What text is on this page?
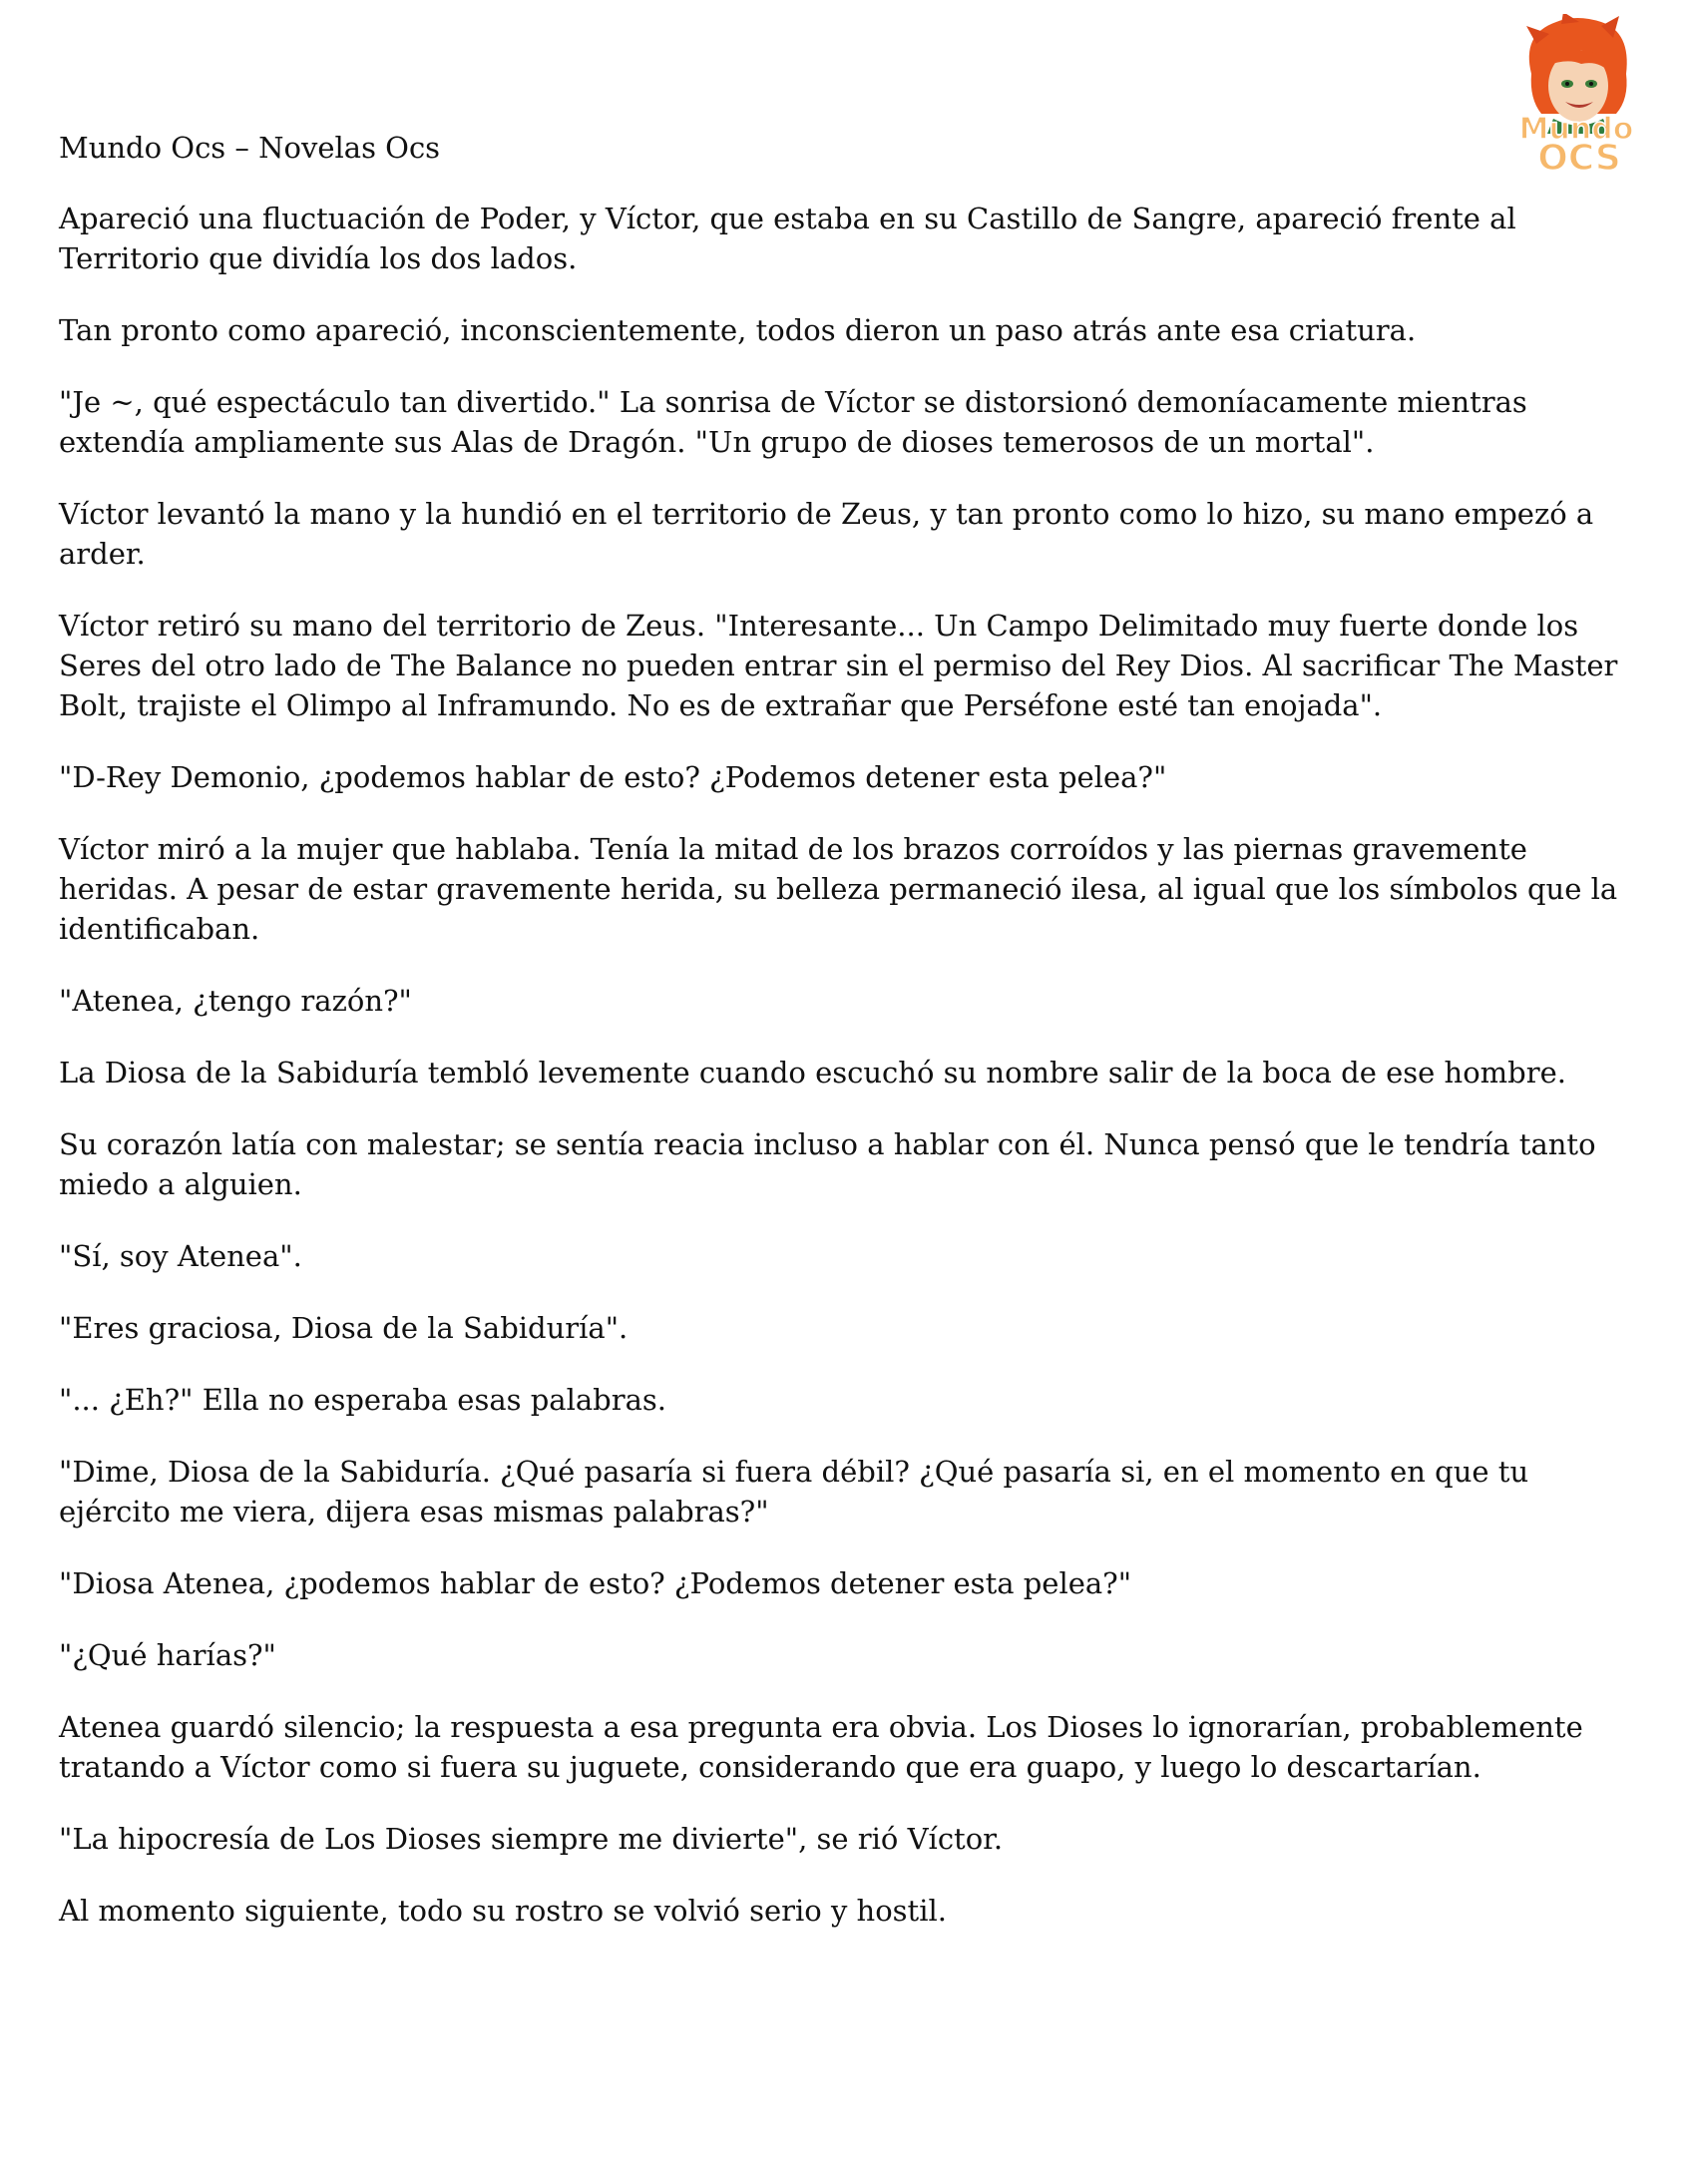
Mundo
OCS
Mundo Ocs – Novelas Ocs

Apareció una fluctuación de Poder, y Víctor, que estaba en su Castillo de Sangre, apareció frente al Territorio que dividía los dos lados.

Tan pronto como apareció, inconscientemente, todos dieron un paso atrás ante esa criatura.

"Je ~, qué espectáculo tan divertido." La sonrisa de Víctor se distorsionó demoníacamente mientras extendía ampliamente sus Alas de Dragón. "Un grupo de dioses temerosos de un mortal".

Víctor levantó la mano y la hundió en el territorio de Zeus, y tan pronto como lo hizo, su mano empezó a arder.

Víctor retiró su mano del territorio de Zeus. "Interesante... Un Campo Delimitado muy fuerte donde los Seres del otro lado de The Balance no pueden entrar sin el permiso del Rey Dios. Al sacrificar The Master Bolt, trajiste el Olimpo al Inframundo. No es de extrañar que Perséfone esté tan enojada".

"D-Rey Demonio, ¿podemos hablar de esto? ¿Podemos detener esta pelea?"

Víctor miró a la mujer que hablaba. Tenía la mitad de los brazos corroídos y las piernas gravemente heridas. A pesar de estar gravemente herida, su belleza permaneció ilesa, al igual que los símbolos que la identificaban.

"Atenea, ¿tengo razón?"

La Diosa de la Sabiduría tembló levemente cuando escuchó su nombre salir de la boca de ese hombre.

Su corazón latía con malestar; se sentía reacia incluso a hablar con él. Nunca pensó que le tendría tanto miedo a alguien.

"Sí, soy Atenea".

"Eres graciosa, Diosa de la Sabiduría".

"... ¿Eh?" Ella no esperaba esas palabras.

"Dime, Diosa de la Sabiduría. ¿Qué pasaría si fuera débil? ¿Qué pasaría si, en el momento en que tu ejército me viera, dijera esas mismas palabras?"

"Diosa Atenea, ¿podemos hablar de esto? ¿Podemos detener esta pelea?"

"¿Qué harías?"

Atenea guardó silencio; la respuesta a esa pregunta era obvia. Los Dioses lo ignorarían, probablemente tratando a Víctor como si fuera su juguete, considerando que era guapo, y luego lo descartarían.

"La hipocresía de Los Dioses siempre me divierte", se rió Víctor.

Al momento siguiente, todo su rostro se volvió serio y hostil.
